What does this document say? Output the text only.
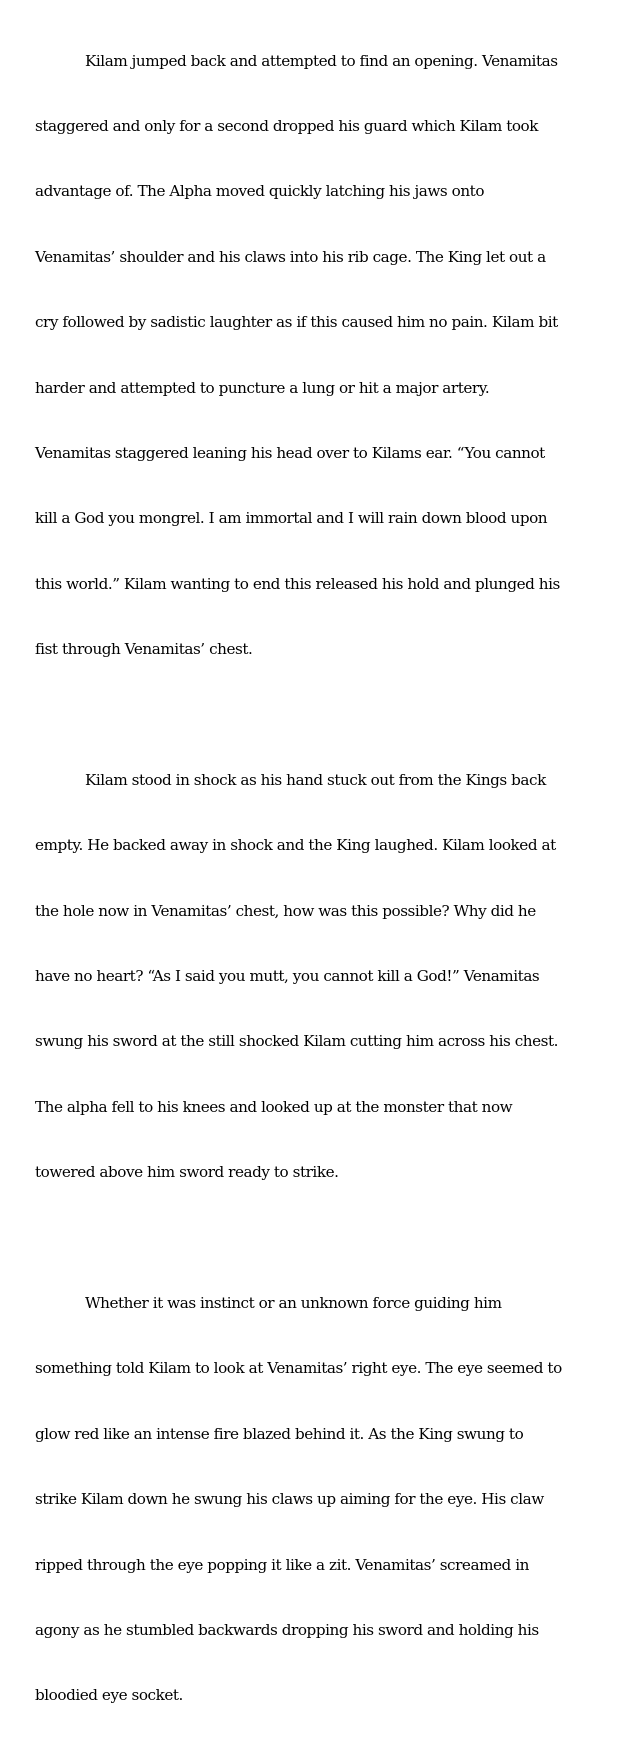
Kilam jumped back and attempted to find an opening. Venamitas

staggered and only for a second dropped his guard which Kilam took

advantage of. The Alpha moved quickly latching his jaws onto

Venamitas’ shoulder and his claws into his rib cage. The King let out a

cry followed by sadistic laughter as if this caused him no pain. Kilam bit

harder and attempted to puncture a lung or hit a major artery.

Venamitas staggered leaning his head over to Kilams ear. “You cannot

kill a God you mongrel. I am immortal and I will rain down blood upon

this world.” Kilam wanting to end this released his hold and plunged his

fist through Venamitas’ chest.

Kilam stood in shock as his hand stuck out from the Kings back

empty. He backed away in shock and the King laughed. Kilam looked at

the hole now in Venamitas’ chest, how was this possible? Why did he

have no heart? “As I said you mutt, you cannot kill a God!” Venamitas

swung his sword at the still shocked Kilam cutting him across his chest.

The alpha fell to his knees and looked up at the monster that now

towered above him sword ready to strike.

Whether it was instinct or an unknown force guiding him

something told Kilam to look at Venamitas’ right eye. The eye seemed to

glow red like an intense fire blazed behind it. As the King swung to

strike Kilam down he swung his claws up aiming for the eye. His claw

ripped through the eye popping it like a zit. Venamitas’ screamed in

agony as he stumbled backwards dropping his sword and holding his

bloodied eye socket.
